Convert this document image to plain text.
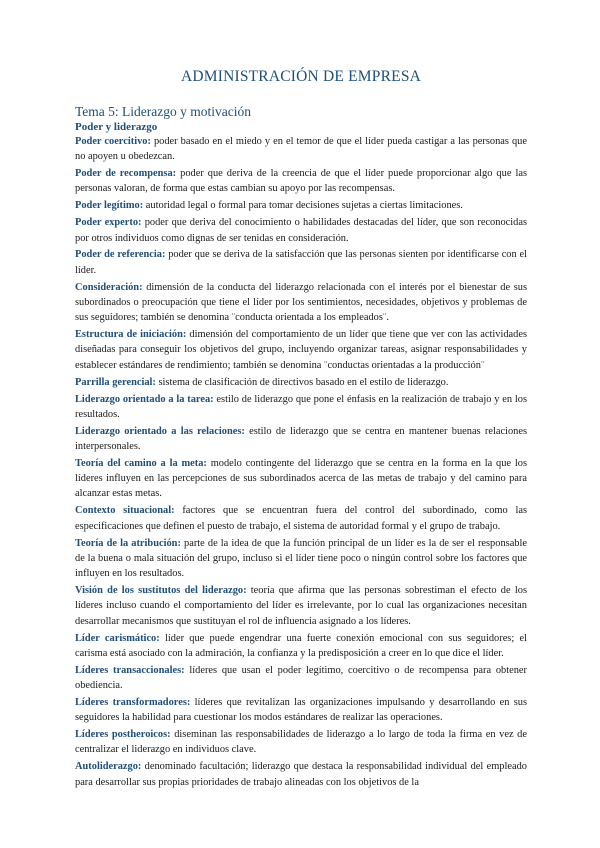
ADMINISTRACIÓN DE EMPRESA
Tema 5: Liderazgo y motivación
Poder y liderazgo

Poder coercitivo: poder basado en el miedo y en el temor de que el líder pueda castigar a las personas que no apoyen u obedezcan.

Poder de recompensa: poder que deriva de la creencia de que el líder puede proporcionar algo que las personas valoran, de forma que estas cambian su apoyo por las recompensas.

Poder legítimo: autoridad legal o formal para tomar decisiones sujetas a ciertas limitaciones.

Poder experto: poder que deriva del conocimiento o habilidades destacadas del líder, que son reconocidas por otros individuos como dignas de ser tenidas en consideración.

Poder de referencia: poder que se deriva de la satisfacción que las personas sienten por identificarse con el líder.

Consideración: dimensión de la conducta del liderazgo relacionada con el interés por el bienestar de sus subordinados o preocupación que tiene el líder por los sentimientos, necesidades, objetivos y problemas de sus seguidores; también se denomina ¨conducta orientada a los empleados¨.

Estructura de iniciación: dimensión del comportamiento de un líder que tiene que ver con las actividades diseñadas para conseguir los objetivos del grupo, incluyendo organizar tareas, asignar responsabilidades y establecer estándares de rendimiento; también se denomina ¨conductas orientadas a la producción¨

Parrilla gerencial: sistema de clasificación de directivos basado en el estilo de liderazgo.

Liderazgo orientado a la tarea: estilo de liderazgo que pone el énfasis en la realización de trabajo y en los resultados.

Liderazgo orientado a las relaciones: estilo de liderazgo que se centra en mantener buenas relaciones interpersonales.

Teoría del camino a la meta: modelo contingente del liderazgo que se centra en la forma en la que los líderes influyen en las percepciones de sus subordinados acerca de las metas de trabajo y del camino para alcanzar estas metas.

Contexto situacional: factores que se encuentran fuera del control del subordinado, como las especificaciones que definen el puesto de trabajo, el sistema de autoridad formal y el grupo de trabajo.

Teoría de la atribución: parte de la idea de que la función principal de un líder es la de ser el responsable de la buena o mala situación del grupo, incluso si el líder tiene poco o ningún control sobre los factores que influyen en los resultados.

Visión de los sustitutos del liderazgo: teoría que afirma que las personas sobrestiman el efecto de los líderes incluso cuando el comportamiento del líder es irrelevante, por lo cual las organizaciones necesitan desarrollar mecanismos que sustituyan el rol de influencia asignado a los líderes.

Líder carismático: líder que puede engendrar una fuerte conexión emocional con sus seguidores; el carisma está asociado con la admiración, la confianza y la predisposición a creer en lo que dice el líder.

Líderes transaccionales: líderes que usan el poder legítimo, coercitivo o de recompensa para obtener obediencia.

Líderes transformadores: líderes que revitalizan las organizaciones impulsando y desarrollando en sus seguidores la habilidad para cuestionar los modos estándares de realizar las operaciones.

Líderes postheroicos: diseminan las responsabilidades de liderazgo a lo largo de toda la firma en vez de centralizar el liderazgo en individuos clave.

Autoliderazgo: denominado facultación; liderazgo que destaca la responsabilidad individual del empleado para desarrollar sus propias prioridades de trabajo alineadas con los objetivos de la
